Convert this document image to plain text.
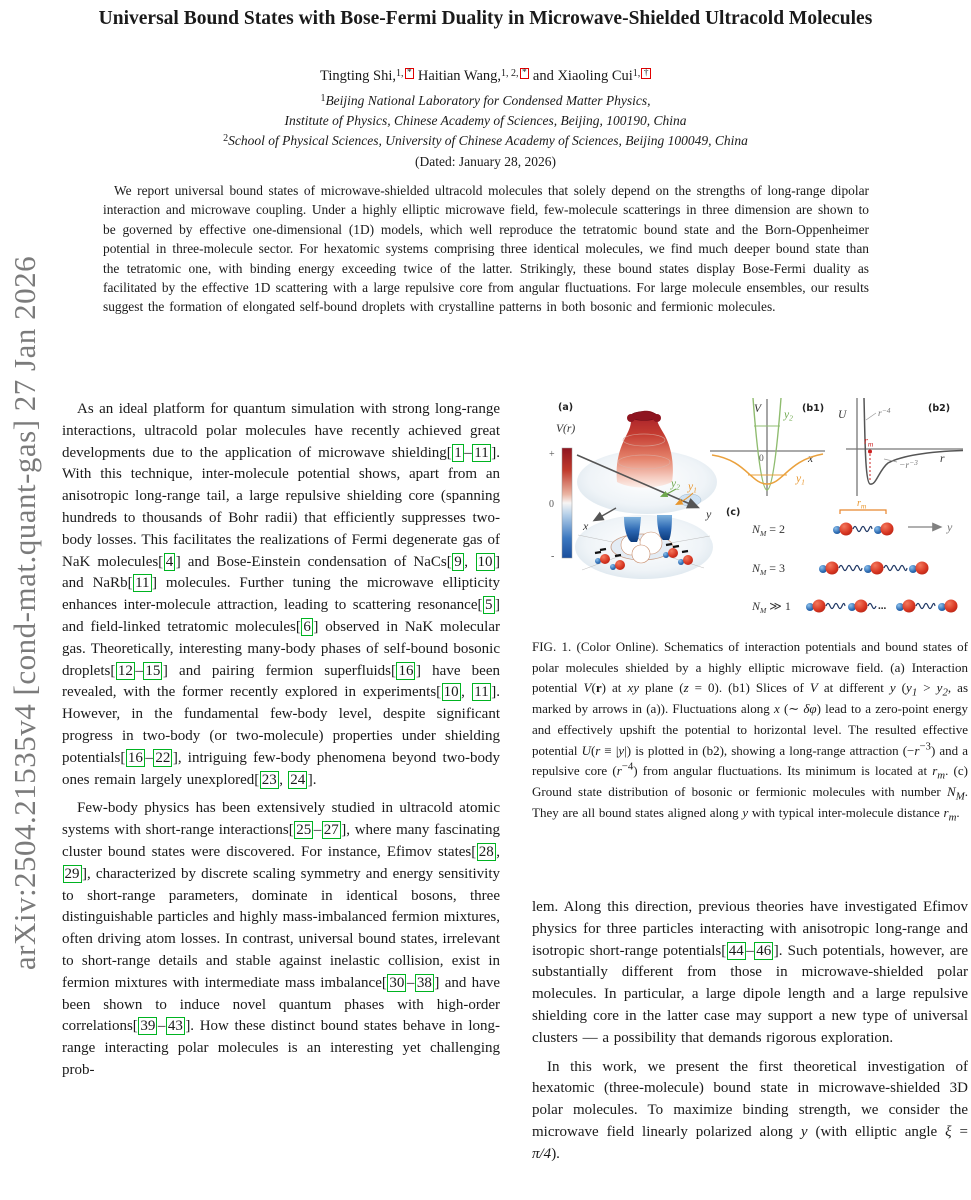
arXiv:2504.21535v4 [cond-mat.quant-gas] 27 Jan 2026
Universal Bound States with Bose-Fermi Duality in Microwave-Shielded Ultracold Molecules
Tingting Shi,$^{1,}$ * Haitian Wang,$^{1, 2,}$ * and Xiaoling Cui$^{1,}$ †
$^1$Beijing National Laboratory for Condensed Matter Physics,
Institute of Physics, Chinese Academy of Sciences, Beijing, 100190, China
$^2$School of Physical Sciences, University of Chinese Academy of Sciences, Beijing 100049, China
(Dated: January 28, 2026)
We report universal bound states of microwave-shielded ultracold molecules that solely depend on the strengths of long-range dipolar interaction and microwave coupling. Under a highly elliptic microwave field, few-molecule scatterings in three dimension are shown to be governed by effective one-dimensional (1D) models, which well reproduce the tetratomic bound state and the Born-Oppenheimer potential in three-molecule sector. For hexatomic systems comprising three identical molecules, we find much deeper bound state than the tetratomic one, with binding energy exceeding twice of the latter. Strikingly, these bound states display Bose-Fermi duality as facilitated by the effective 1D scattering with a large repulsive core from angular fluctuations. For large molecule ensembles, our results suggest the formation of elongated self-bound droplets with crystalline patterns in both bosonic and fermionic molecules.
As an ideal platform for quantum simulation with strong long-range interactions, ultracold polar molecules have recently achieved great developments due to the application of microwave shielding[ 1 – 11 ]. With this technique, inter-molecule potential shows, apart from an anisotropic long-range tail, a large repulsive shielding core (spanning hundreds to thousands of Bohr radii) that efficiently suppresses two-body losses. This facilitates the realizations of Fermi degenerate gas of NaK molecules[ 4 ] and Bose-Einstein condensation of NaCs[ 9 , 10 ] and NaRb[ 11 ] molecules. Further tuning the microwave ellipticity enhances inter-molecule attraction, leading to scattering resonance[ 5 ] and field-linked tetratomic molecules[ 6 ] observed in NaK molecular gas. Theoretically, interesting many-body phases of self-bound bosonic droplets[ 12 – 15 ] and pairing fermion superfluids[ 16 ] have been revealed, with the former recently explored in experiments[ 10 , 11 ]. However, in the fundamental few-body level, despite significant progress in two-body (or two-molecule) properties under shielding potentials[ 16 – 22 ], intriguing few-body phenomena beyond two-body ones remain largely unexplored[ 23 , 24 ].
Few-body physics has been extensively studied in ultracold atomic systems with short-range interactions[ 25 – 27 ], where many fascinating cluster bound states were discovered. For instance, Efimov states[ 28 , 29 ], characterized by discrete scaling symmetry and energy sensitivity to short-range parameters, dominate in identical bosons, three distinguishable particles and highly mass-imbalanced fermion mixtures, often driving atom losses. In contrast, universal bound states, irrelevant to short-range details and stable against inelastic collision, exist in fermion mixtures with intermediate mass imbalance[ 30 – 38 ] and have been shown to induce novel quantum phases with high-order correlations[ 39 – 43 ]. How these distinct bound states behave in long-range interacting polar molecules is an interesting yet challenging prob-
(a)
V(r)
+
0
-
y
x
$y_2$ $y_1$
(b1)
V
0	x
$y_2$
$y_1$
(b2)
U
r
$r^{-4}$
$-r^{-3}$
$r_m$
(c)
$N_M = 2$
$r_m$
y
$N_M = 3$
$N_M$ ≫ 1	...
FIG. 1. (Color Online). Schematics of interaction potentials and bound states of polar molecules shielded by a highly elliptic microwave field. (a) Interaction potential V(r) at xy plane (z = 0). (b1) Slices of V at different y ($y_1 > y_2$, as marked by arrows in (a)). Fluctuations along x (∼ δφ) lead to a zero-point energy and effectively upshift the potential to horizontal level. The resulted effective potential U(r ≡ |y|) is plotted in (b2), showing a long-range attraction $(-r^{-3})$ and a repulsive core $(r^{-4})$ from angular fluctuations. Its minimum is located at $r_m$. (c) Ground state distribution of bosonic or fermionic molecules with number $N_M$. They are all bound states aligned along y with typical inter-molecule distance $r_m$.
lem. Along this direction, previous theories have investigated Efimov physics for three particles interacting with anisotropic long-range and isotropic short-range potentials[ 44 – 46 ]. Such potentials, however, are substantially different from those in microwave-shielded polar molecules. In particular, a large dipole length and a large repulsive shielding core in the latter case may support a new type of universal clusters — a possibility that demands rigorous exploration.
In this work, we present the first theoretical investigation of hexatomic (three-molecule) bound state in microwave-shielded 3D polar molecules. To maximize binding strength, we consider the microwave field linearly polarized along y (with elliptic angle ξ = π/4).
